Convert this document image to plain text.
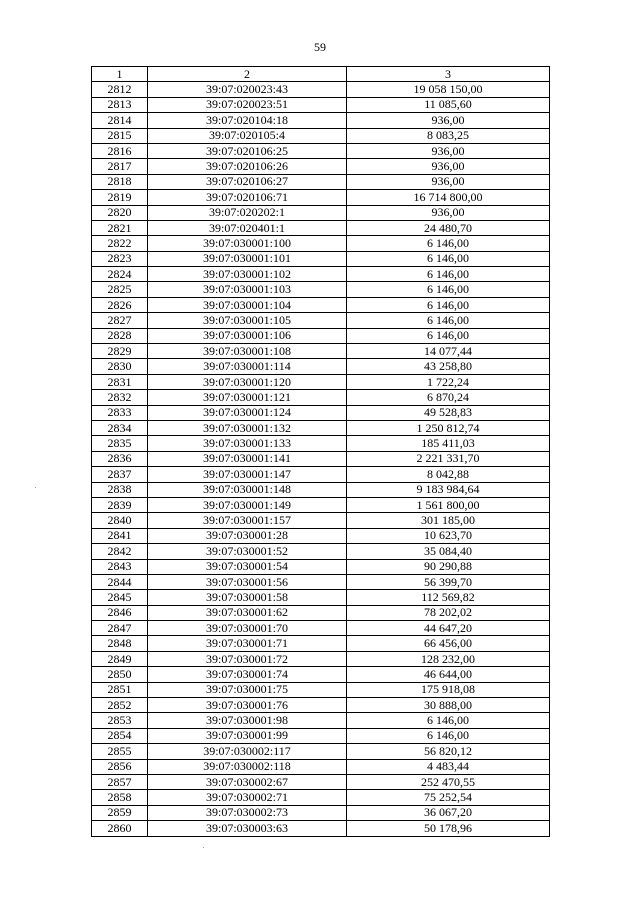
59
1	2	3
2812	39:07:020023:43	19 058 150,00
2813	39:07:020023:51	11 085,60
2814	39:07:020104:18	936,00
2815	39:07:020105:4	8 083,25
2816	39:07:020106:25	936,00
2817	39:07:020106:26	936,00
2818	39:07:020106:27	936,00
2819	39:07:020106:71	16 714 800,00
2820	39:07:020202:1	936,00
2821	39:07:020401:1	24 480,70
2822	39:07:030001:100	6 146,00
2823	39:07:030001:101	6 146,00
2824	39:07:030001:102	6 146,00
2825	39:07:030001:103	6 146,00
2826	39:07:030001:104	6 146,00
2827	39:07:030001:105	6 146,00
2828	39:07:030001:106	6 146,00
2829	39:07:030001:108	14 077,44
2830	39:07:030001:114	43 258,80
2831	39:07:030001:120	1 722,24
2832	39:07:030001:121	6 870,24
2833	39:07:030001:124	49 528,83
2834	39:07:030001:132	1 250 812,74
2835	39:07:030001:133	185 411,03
2836	39:07:030001:141	2 221 331,70
2837	39:07:030001:147	8 042,88
2838	39:07:030001:148	9 183 984,64
2839	39:07:030001:149	1 561 800,00
2840	39:07:030001:157	301 185,00
2841	39:07:030001:28	10 623,70
2842	39:07:030001:52	35 084,40
2843	39:07:030001:54	90 290,88
2844	39:07:030001:56	56 399,70
2845	39:07:030001:58	112 569,82
2846	39:07:030001:62	78 202,02
2847	39:07:030001:70	44 647,20
2848	39:07:030001:71	66 456,00
2849	39:07:030001:72	128 232,00
2850	39:07:030001:74	46 644,00
2851	39:07:030001:75	175 918,08
2852	39:07:030001:76	30 888,00
2853	39:07:030001:98	6 146,00
2854	39:07:030001:99	6 146,00
2855	39:07:030002:117	56 820,12
2856	39:07:030002:118	4 483,44
2857	39:07:030002:67	252 470,55
2858	39:07:030002:71	75 252,54
2859	39:07:030002:73	36 067,20
2860	39:07:030003:63	50 178,96
